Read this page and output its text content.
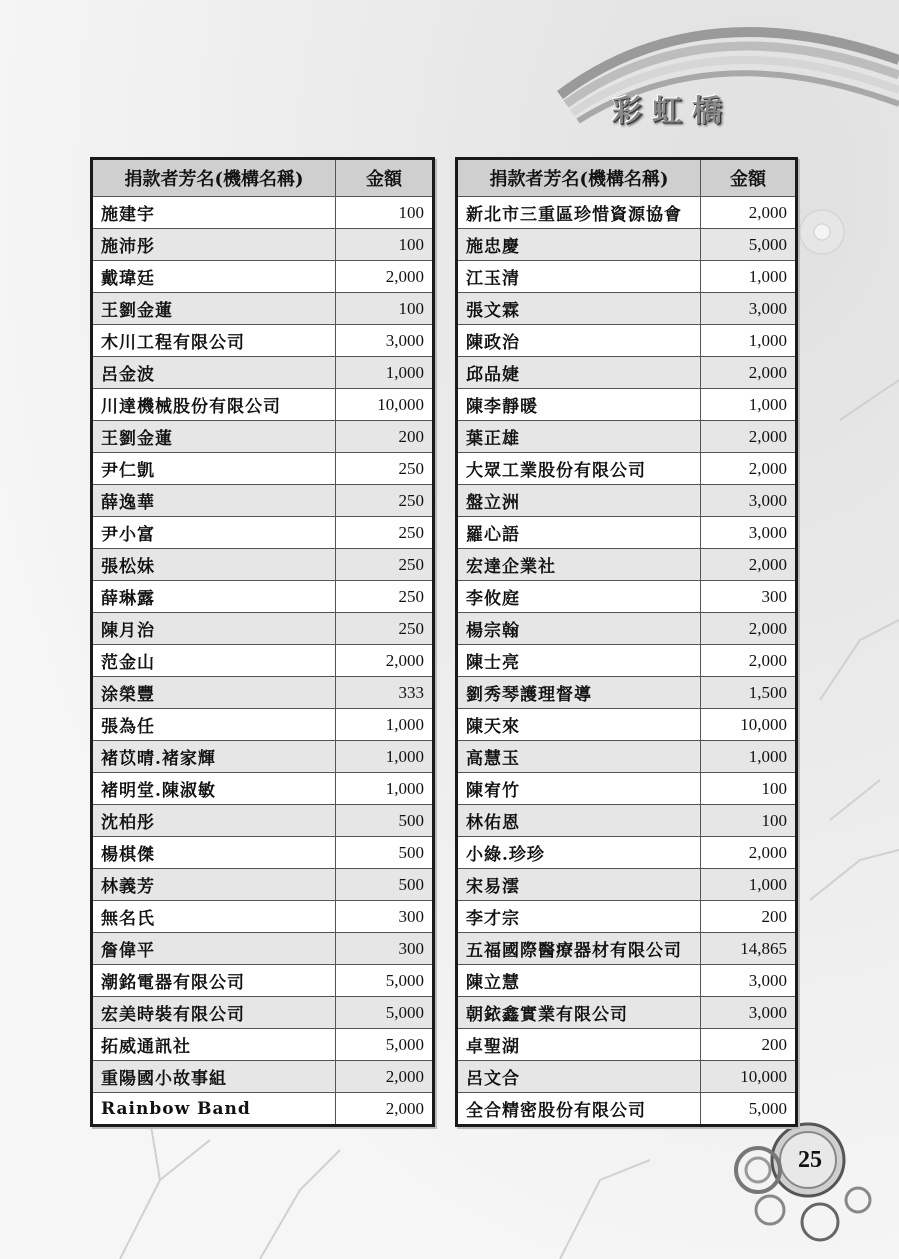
彩虹橋
捐款者芳名(機構名稱)	金額
施建宇	100
施沛彤	100
戴瑋廷	2,000
王劉金蓮	100
木川工程有限公司	3,000
呂金波	1,000
川達機械股份有限公司	10,000
王劉金蓮	200
尹仁凱	250
薛逸華	250
尹小富	250
張松妹	250
薛琳露	250
陳月治	250
范金山	2,000
涂榮豐	333
張為任	1,000
褚苡晴.褚家輝	1,000
褚明堂.陳淑敏	1,000
沈柏彤	500
楊棋傑	500
林義芳	500
無名氏	300
詹偉平	300
潮銘電器有限公司	5,000
宏美時裝有限公司	5,000
拓威通訊社	5,000
重陽國小故事組	2,000
Rainbow Band	2,000
捐款者芳名(機構名稱)	金額
新北市三重區珍惜資源協會	2,000
施忠慶	5,000
江玉清	1,000
張文霖	3,000
陳政治	1,000
邱品婕	2,000
陳李靜暖	1,000
葉正雄	2,000
大眾工業股份有限公司	2,000
盤立洲	3,000
羅心語	3,000
宏達企業社	2,000
李攸庭	300
楊宗翰	2,000
陳士亮	2,000
劉秀琴護理督導	1,500
陳天來	10,000
高慧玉	1,000
陳宥竹	100
林佑恩	100
小綠.珍珍	2,000
宋易澐	1,000
李才宗	200
五福國際醫療器材有限公司	14,865
陳立慧	3,000
朝銥鑫實業有限公司	3,000
卓聖湖	200
呂文合	10,000
全合精密股份有限公司	5,000
25
